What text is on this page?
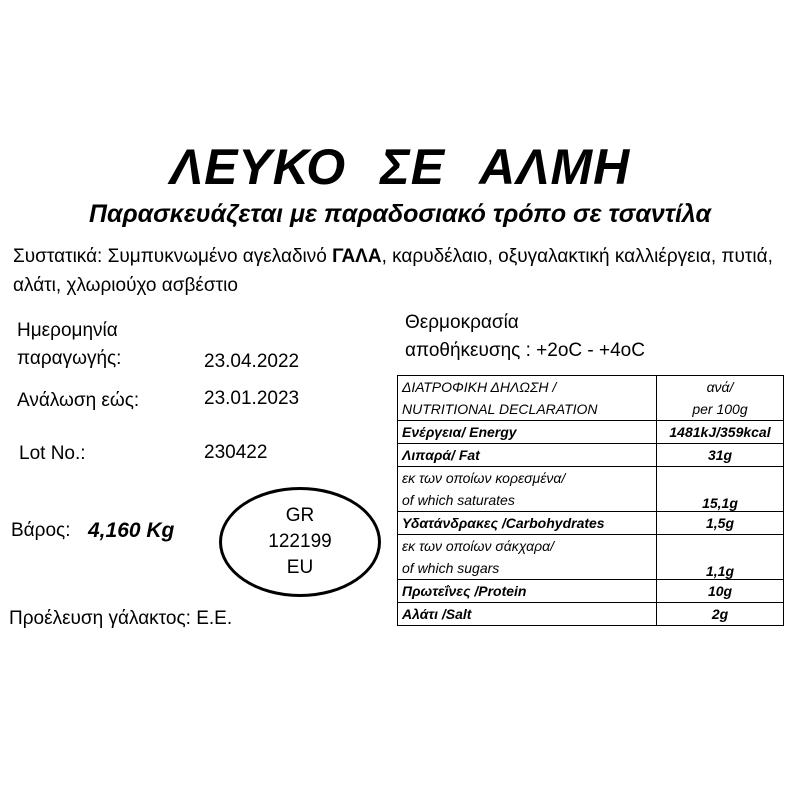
ΛΕΥΚΟ ΣΕ ΑΛΜΗ
Παρασκευάζεται με παραδοσιακό τρόπο σε τσαντίλα
Συστατικά: Συμπυκνωμένο αγελαδινό ΓΑΛΑ, καρυδέλαιο, οξυγαλακτική καλλιέργεια, πυτιά, αλάτι, χλωριούχο ασβέστιο
Ημερομηνία
παραγωγής:	23.04.2022
Ανάλωση εώς:	23.01.2023
Lot No.:	230422
Βάρος: 4,160 Kg
GR
122199
EU
Προέλευση γάλακτος: Ε.Ε.
Θερμοκρασία
αποθήκευσης : +2oC - +4oC
ΔΙΑΤΡΟΦΙΚΗ ΔΗΛΩΣΗ /
NUTRITIONAL DECLARATION	ανά/
per 100g

Ενέργεια/ Energy	1481kJ/359kcal
Λιπαρά/ Fat	31g

εκ των οποίων κορεσμένα/
of which saturates	15,1g
Υδατάνδρακες /Carbohydrates	1,5g

εκ των οποίων σάκχαρα/
of which sugars	1,1g
Πρωτεΐνες /Protein	10g
Αλάτι /Salt	2g
